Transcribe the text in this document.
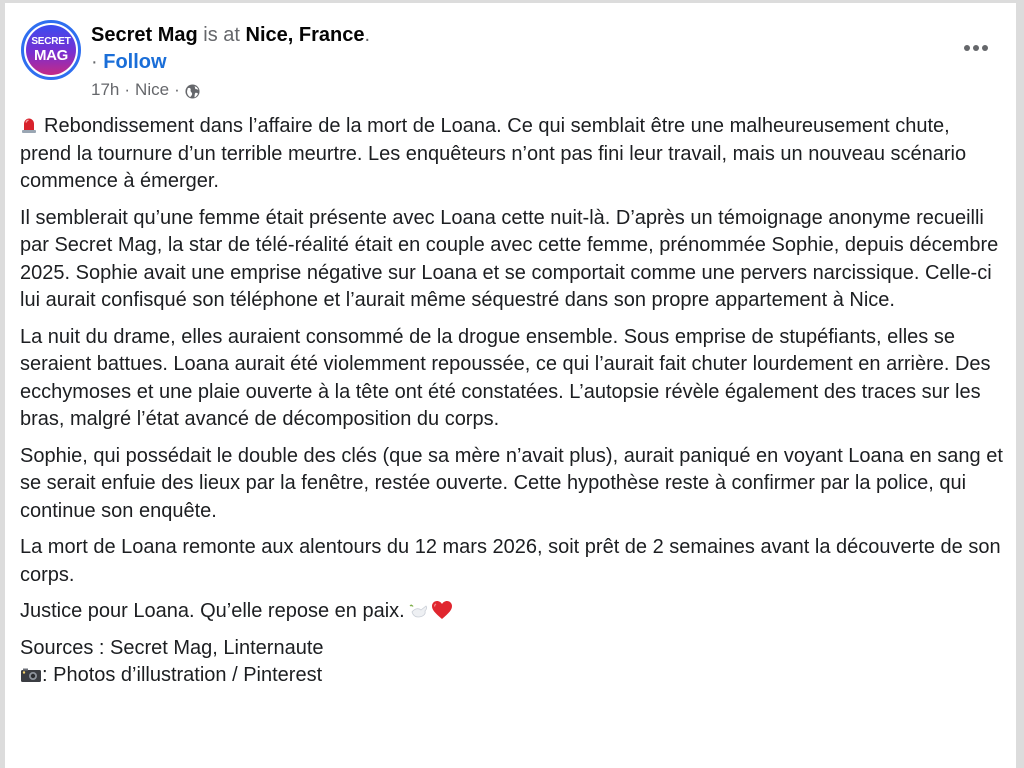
SECRET
MAG
Secret Mag is at Nice, France.
· Follow
17h · Nice ·

Rebondissement dans l’affaire de la mort de Loana. Ce qui semblait être une malheureusement chute, prend la tournure d’un terrible meurtre. Les enquêteurs n’ont pas fini leur travail, mais un nouveau scénario commence à émerger.

Il semblerait qu’une femme était présente avec Loana cette nuit-là. D’après un témoignage anonyme recueilli par Secret Mag, la star de télé-réalité était en couple avec cette femme, prénommée Sophie, depuis décembre 2025. Sophie avait une emprise négative sur Loana et se comportait comme une pervers narcissique. Celle-ci lui aurait confisqué son téléphone et l’aurait même séquestré dans son propre appartement à Nice.

La nuit du drame, elles auraient consommé de la drogue ensemble. Sous emprise de stupéfiants, elles se seraient battues. Loana aurait été violemment repoussée, ce qui l’aurait fait chuter lourdement en arrière. Des ecchymoses et une plaie ouverte à la tête ont été constatées. L’autopsie révèle également des traces sur les bras, malgré l’état avancé de décomposition du corps.

Sophie, qui possédait le double des clés (que sa mère n’avait plus), aurait paniqué en voyant Loana en sang et se serait enfuie des lieux par la fenêtre, restée ouverte. Cette hypothèse reste à confirmer par la police, qui continue son enquête.

La mort de Loana remonte aux alentours du 12 mars 2026, soit prêt de 2 semaines avant la découverte de son corps.

Justice pour Loana. Qu’elle repose en paix.

Sources : Secret Mag, Linternaute

: Photos d’illustration / Pinterest
